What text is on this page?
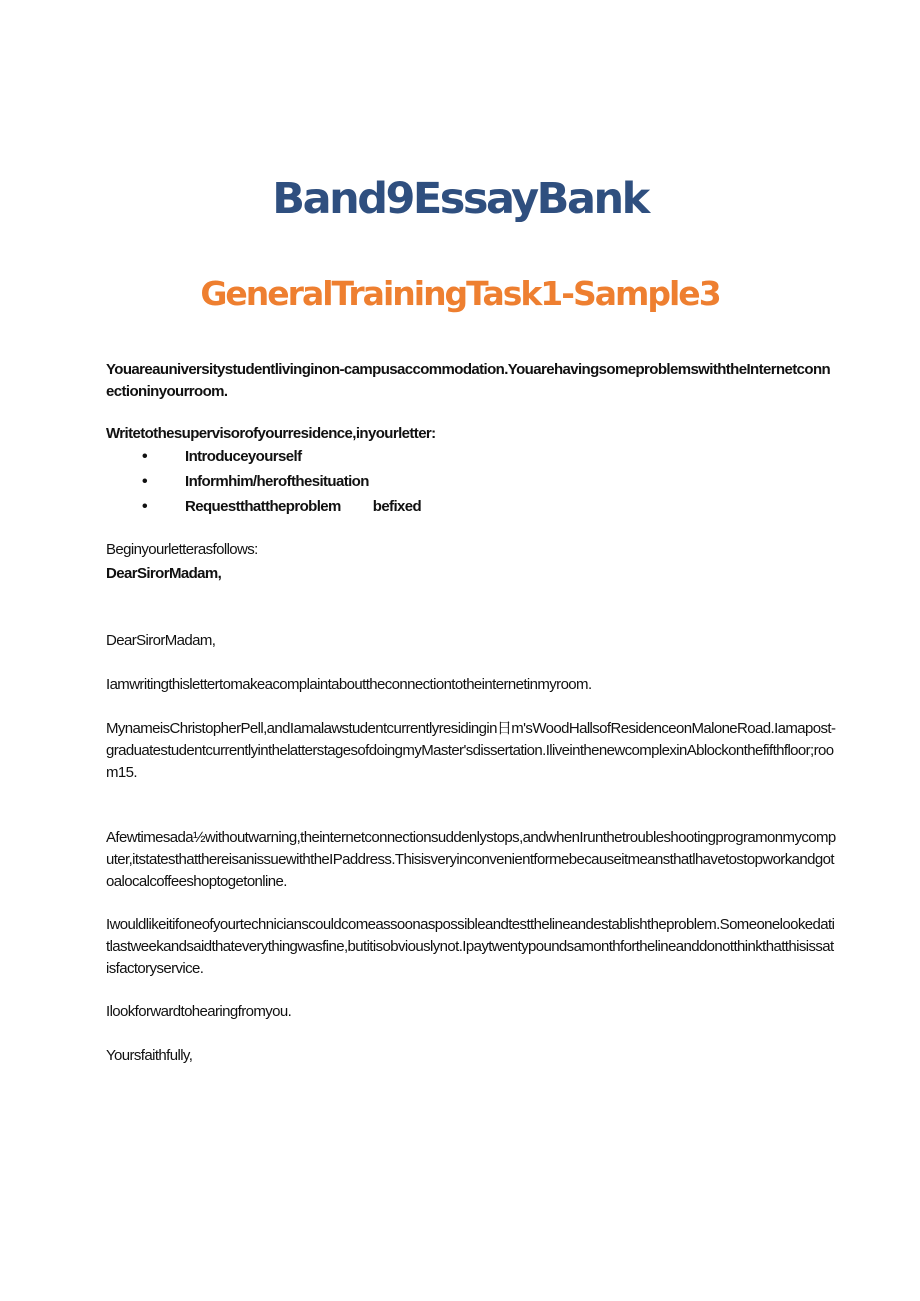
Band9EssayBank
GeneralTrainingTask1-Sample3
Youareauniversitystudentlivinginon-campusaccommodation.YouarehavingsomeproblemswiththeInternetconnectioninyourroom.
Writetothesupervisorofyourresidence,inyourletter:
•	Introduceyourself
•	Informhim/herofthesituation
•	Requestthattheproblem befixed
Beginyourletterasfollows:
DearSirorMadam,
DearSirorMadam,
Iamwritingthislettertomakeacomplaintabouttheconnectiontotheinternetinmyroom.
MynameisChristopherPell,andIamalawstudentcurrentlyresidingin日m'sWoodHallsofResidenceonMaloneRoad.Iamapost-graduatestudentcurrentlyinthelatterstagesofdoingmyMaster'sdissertation.IliveinthenewcomplexinAblockonthefifthfloor;room15.
Afewtimesada½withoutwarning,theinternetconnectionsuddenlystops,andwhenIrunthetroubleshootingprogramonmycomputer,itstatesthatthereisanissuewiththeIPaddress.Thisisveryinconvenientformebecauseitmeansthatlhavetostopworkandgotoalocalcoffeeshoptogetonline.
Iwouldlikeitifoneofyourtechnicianscouldcomeassoonaspossibleandtestthelineandestablishtheproblem.Someonelookedatitlastweekandsaidthateverythingwasfine,butitisobviouslynot.Ipaytwentypoundsamonthforthelineanddonotthinkthatthisissatisfactoryservice.
Ilookforwardtohearingfromyou.
Yoursfaithfully,
